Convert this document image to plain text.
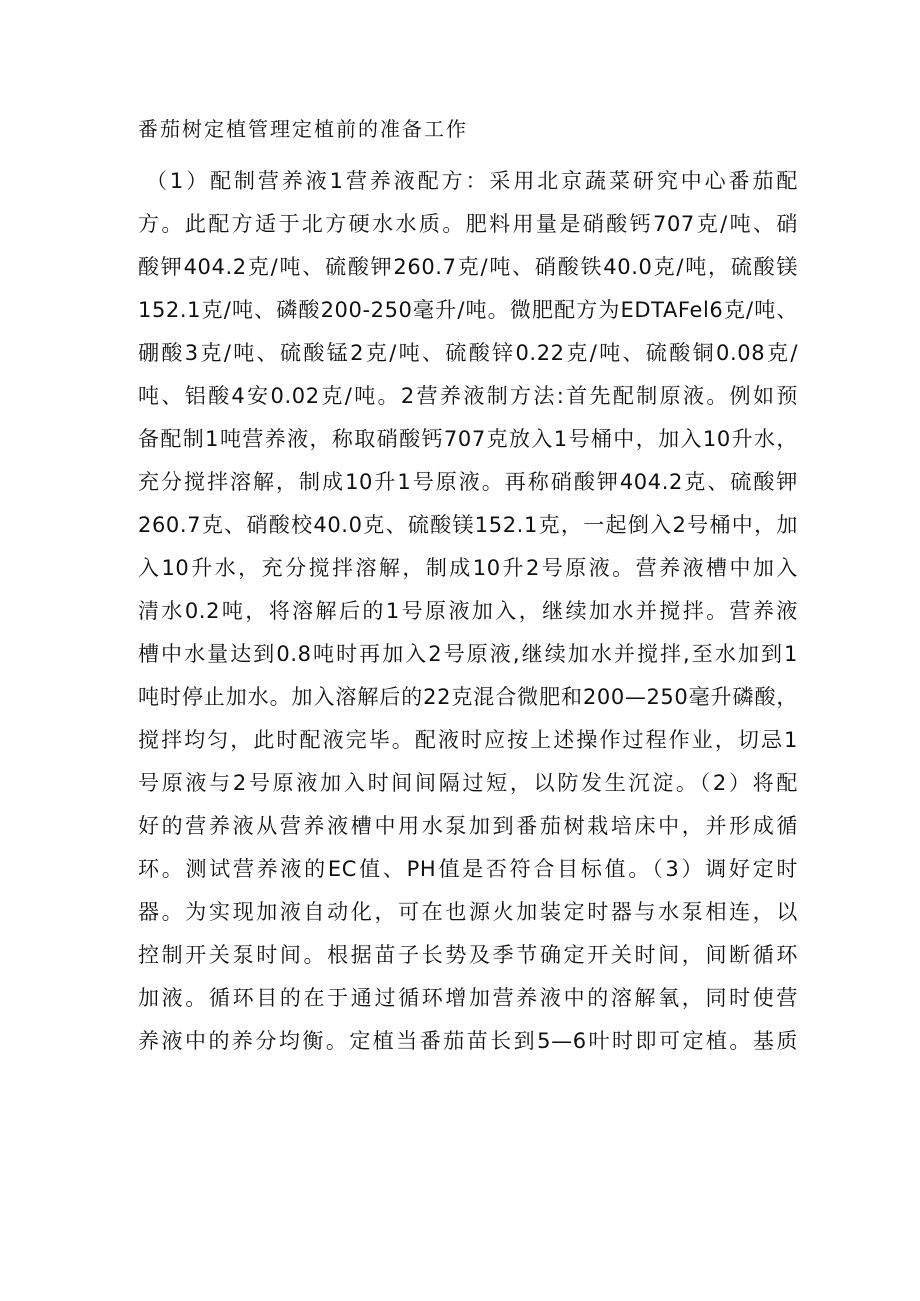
番茄树定植管理定植前的准备工作
（1）配制营养液1营养液配方：采用北京蔬菜研究中心番茄配
方。此配方适于北方硬水水质。肥料用量是硝酸钙707克/吨、硝
酸钾404.2克/吨、硫酸钾260.7克/吨、硝酸铁40.0克/吨，硫酸镁
152.1克/吨、磷酸200-250毫升/吨。微肥配方为EDTAFel6克/吨、
硼酸3克/吨、硫酸锰2克/吨、硫酸锌0.22克/吨、硫酸铜0.08克/
吨、铝酸4安0.02克/吨。2营养液制方法:首先配制原液。例如预
备配制1吨营养液，称取硝酸钙707克放入1号桶中，加入10升水，
充分搅拌溶解，制成10升1号原液。再称硝酸钾404.2克、硫酸钾
260.7克、硝酸校40.0克、硫酸镁152.1克，一起倒入2号桶中，加
入10升水，充分搅拌溶解，制成10升2号原液。营养液槽中加入
清水0.2吨，将溶解后的1号原液加入，继续加水并搅拌。营养液
槽中水量达到0.8吨时再加入2号原液,继续加水并搅拌,至水加到1
吨时停止加水。加入溶解后的22克混合微肥和200—250毫升磷酸，
搅拌均匀，此时配液完毕。配液时应按上述操作过程作业，切忌1
号原液与2号原液加入时间间隔过短，以防发生沉淀。（2）将配
好的营养液从营养液槽中用水泵加到番茄树栽培床中，并形成循
环。测试营养液的EC值、PH值是否符合目标值。（3）调好定时
器。为实现加液自动化，可在也源火加装定时器与水泵相连，以
控制开关泵时间。根据苗子长势及季节确定开关时间，间断循环
加液。循环目的在于通过循环增加营养液中的溶解氧，同时使营
养液中的养分均衡。定植当番茄苗长到5—6叶时即可定植。基质
